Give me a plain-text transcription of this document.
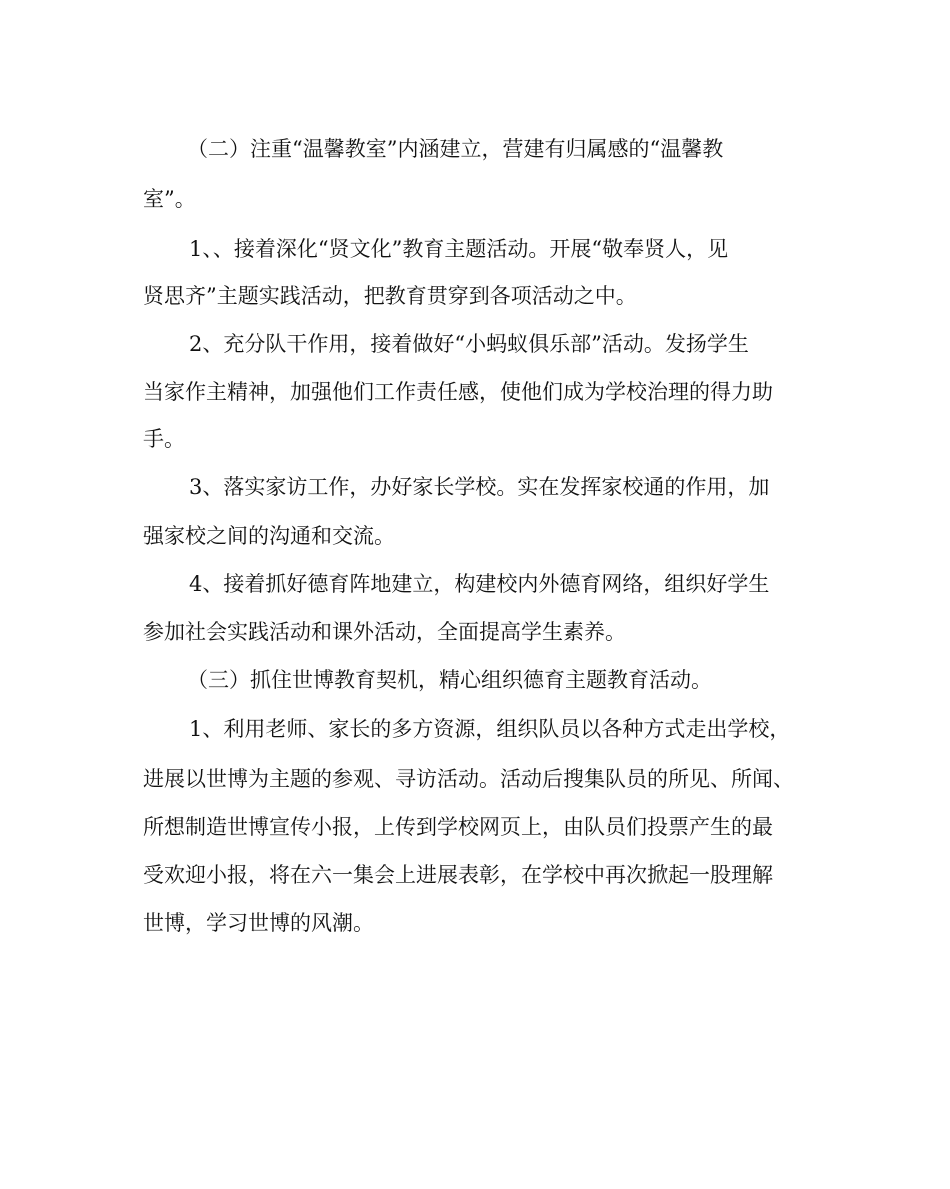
（二）注重“温馨教室”内涵建立，营建有归属感的“温馨教

室”。

1、、接着深化“贤文化”教育主题活动。开展“敬奉贤人，见

贤思齐”主题实践活动，把教育贯穿到各项活动之中。

2、充分队干作用，接着做好“小蚂蚁俱乐部”活动。发扬学生

当家作主精神，加强他们工作责任感，使他们成为学校治理的得力助

手。

3、落实家访工作，办好家长学校。实在发挥家校通的作用，加

强家校之间的沟通和交流。

4、接着抓好德育阵地建立，构建校内外德育网络，组织好学生

参加社会实践活动和课外活动，全面提高学生素养。

（三）抓住世博教育契机，精心组织德育主题教育活动。

1、利用老师、家长的多方资源，组织队员以各种方式走出学校，

进展以世博为主题的参观、寻访活动。活动后搜集队员的所见、所闻、

所想制造世博宣传小报，上传到学校网页上，由队员们投票产生的最

受欢迎小报，将在六一集会上进展表彰，在学校中再次掀起一股理解

世博，学习世博的风潮。
